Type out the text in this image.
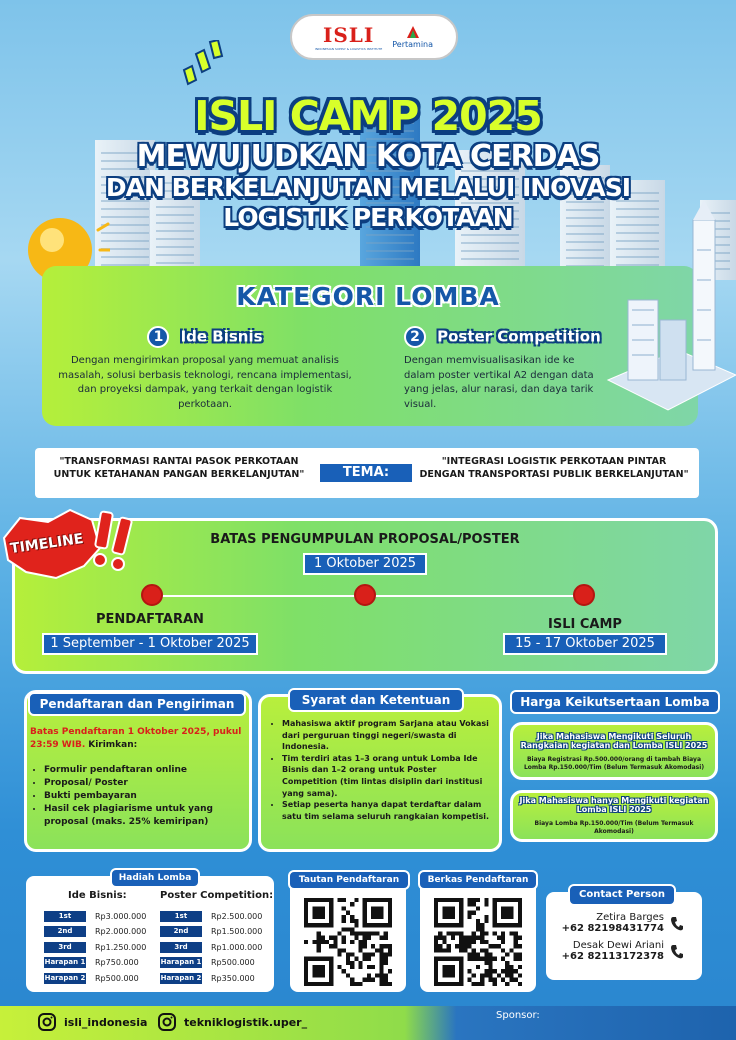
ISLI
INDONESIAN SUPPLY & LOGISTICS INSTITUTE
Pertamina
ISLI CAMP 2025
MEWUJUDKAN KOTA CERDAS
DAN BERKELANJUTAN MELALUI INOVASI
LOGISTIK PERKOTAAN
KATEGORI LOMBA
1 Ide Bisnis
Dengan mengirimkan proposal yang memuat analisis masalah, solusi berbasis teknologi, rencana implementasi, dan proyeksi dampak, yang terkait dengan logistik perkotaan.
2 Poster Competition
Dengan memvisualisasikan ide ke dalam poster vertikal A2 dengan data yang jelas, alur narasi, dan daya tarik visual.
"TRANSFORMASI RANTAI PASOK PERKOTAAN UNTUK KETAHANAN PANGAN BERKELANJUTAN"	TEMA:
"INTEGRASI LOGISTIK PERKOTAAN PINTAR DENGAN TRANSPORTASI PUBLIK BERKELANJUTAN"
TIMELINE	BATAS PENGUMPULAN PROPOSAL/POSTER
1 Oktober 2025
PENDAFTARAN
1 September - 1 Oktober 2025
ISLI CAMP
15 - 17 Oktober 2025
Pendaftaran dan Pengiriman
Batas Pendaftaran 1 Oktober 2025, pukul 23:59 WIB. Kirimkan:
• Formulir pendaftaran online
• Proposal/ Poster
• Bukti pembayaran
• Hasil cek plagiarisme untuk yang proposal (maks. 25% kemiripan)
Syarat dan Ketentuan
• Mahasiswa aktif program Sarjana atau Vokasi dari perguruan tinggi negeri/swasta di Indonesia.
• Tim terdiri atas 1–3 orang untuk Lomba Ide Bisnis dan 1–2 orang untuk Poster Competition (tim lintas disiplin dari institusi yang sama).
• Setiap peserta hanya dapat terdaftar dalam satu tim selama seluruh rangkaian kompetisi.
Harga Keikutsertaan Lomba
Jika Mahasiswa Mengikuti Seluruh Rangkaian kegiatan dan Lomba ISLI 2025
Biaya Registrasi Rp.500.000/orang di tambah Biaya Lomba Rp.150.000/Tim (Belum Termasuk Akomodasi)
Jika Mahasiswa hanya Mengikuti kegiatan Lomba ISLI 2025
Biaya Lomba Rp.150.000/Tim (Belum Termasuk Akomodasi)
Hadiah Lomba
Ide Bisnis:	Poster Competition:
1st	Rp3.000.000
2nd	Rp2.000.000
3rd	Rp1.250.000
Harapan 1 Rp750.000
Harapan 2 Rp500.000
1st	Rp2.500.000
2nd	Rp1.500.000
3rd	Rp1.000.000
Harapan 1 Rp500.000
Harapan 2 Rp350.000
Tautan Pendaftaran	Berkas Pendaftaran
Contact Person
Zetira Barges
+62 82198431774
Desak Dewi Ariani
+62 82113172378
isli_indonesia	tekniklogistik.uper_	Sponsor:
